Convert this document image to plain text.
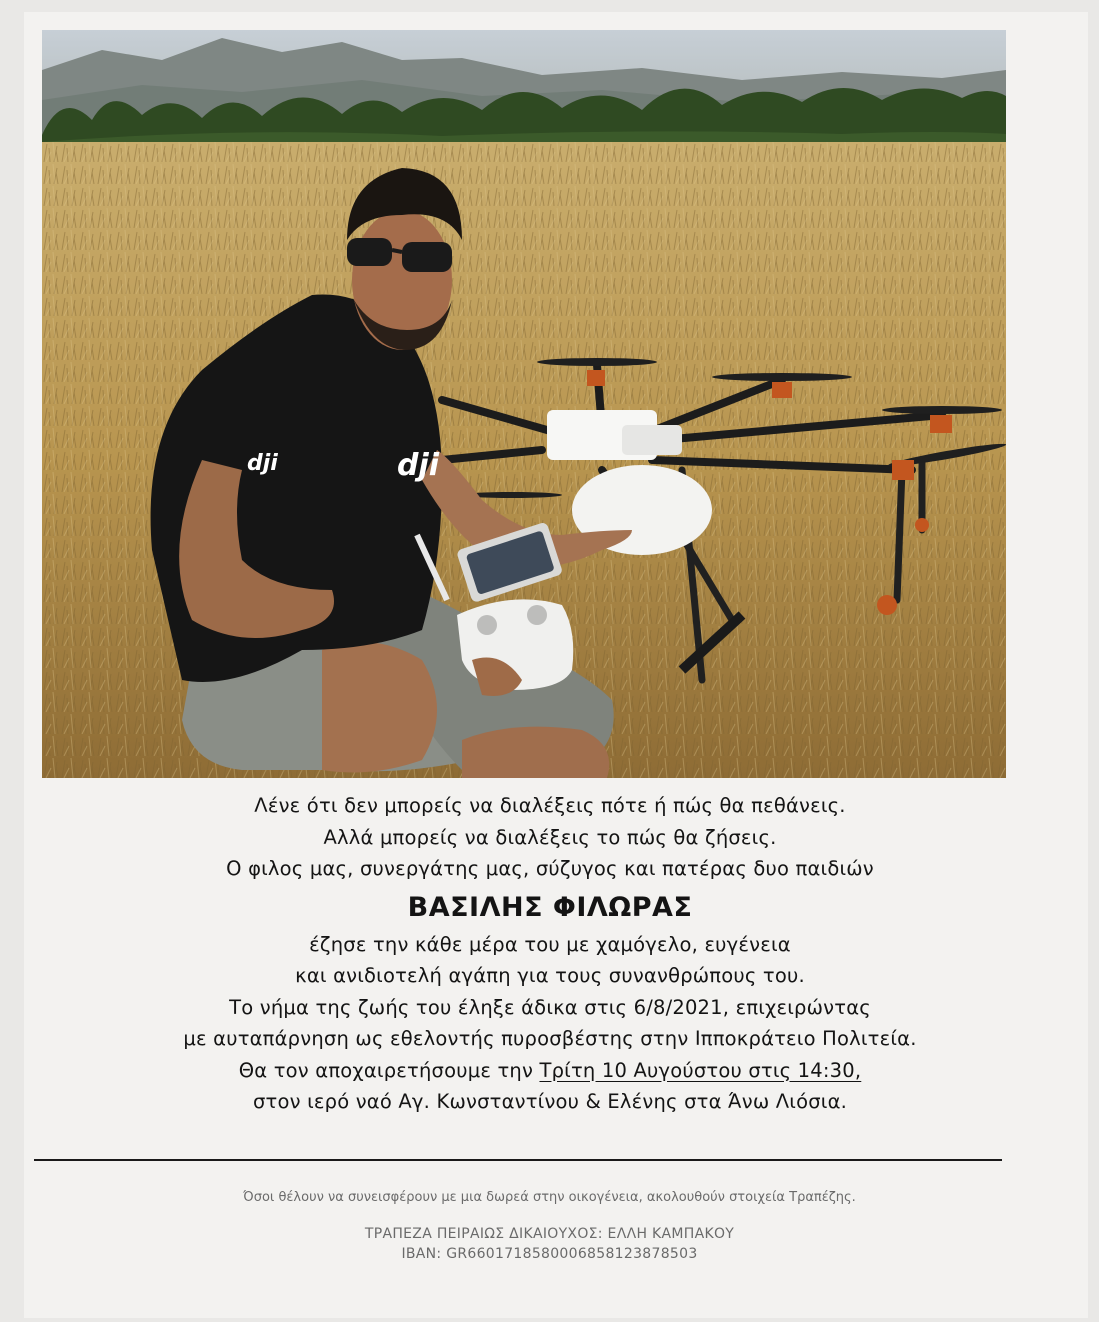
dji	dji
Λένε ότι δεν μπορείς να διαλέξεις πότε ή πώς θα πεθάνεις.
Αλλά μπορείς να διαλέξεις το πώς θα ζήσεις.
Ο φιλος μας, συνεργάτης μας, σύζυγος και πατέρας δυο παιδιών
ΒΑΣΙΛΗΣ ΦΙΛΩΡΑΣ
έζησε την κάθε μέρα του με χαμόγελο, ευγένεια
και ανιδιοτελή αγάπη για τους συνανθρώπους του.
Το νήμα της ζωής του έληξε άδικα στις 6/8/2021, επιχειρώντας
με αυταπάρνηση ως εθελοντής πυροσβέστης στην Ιπποκράτειο Πολιτεία.
Θα τον αποχαιρετήσουμε την Τρίτη 10 Αυγούστου στις 14:30,
στον ιερό ναό Αγ. Κωνσταντίνου & Ελένης στα Άνω Λιόσια.
Όσοι θέλουν να συνεισφέρουν με μια δωρεά στην οικογένεια, ακολουθούν στοιχεία Τραπέζης.
ΤΡΑΠΕΖΑ ΠΕΙΡΑΙΩΣ ΔΙΚΑΙΟΥΧΟΣ: ΕΛΛΗ ΚΑΜΠΑΚΟΥ
IBAN: GR6601718580006858123878503
